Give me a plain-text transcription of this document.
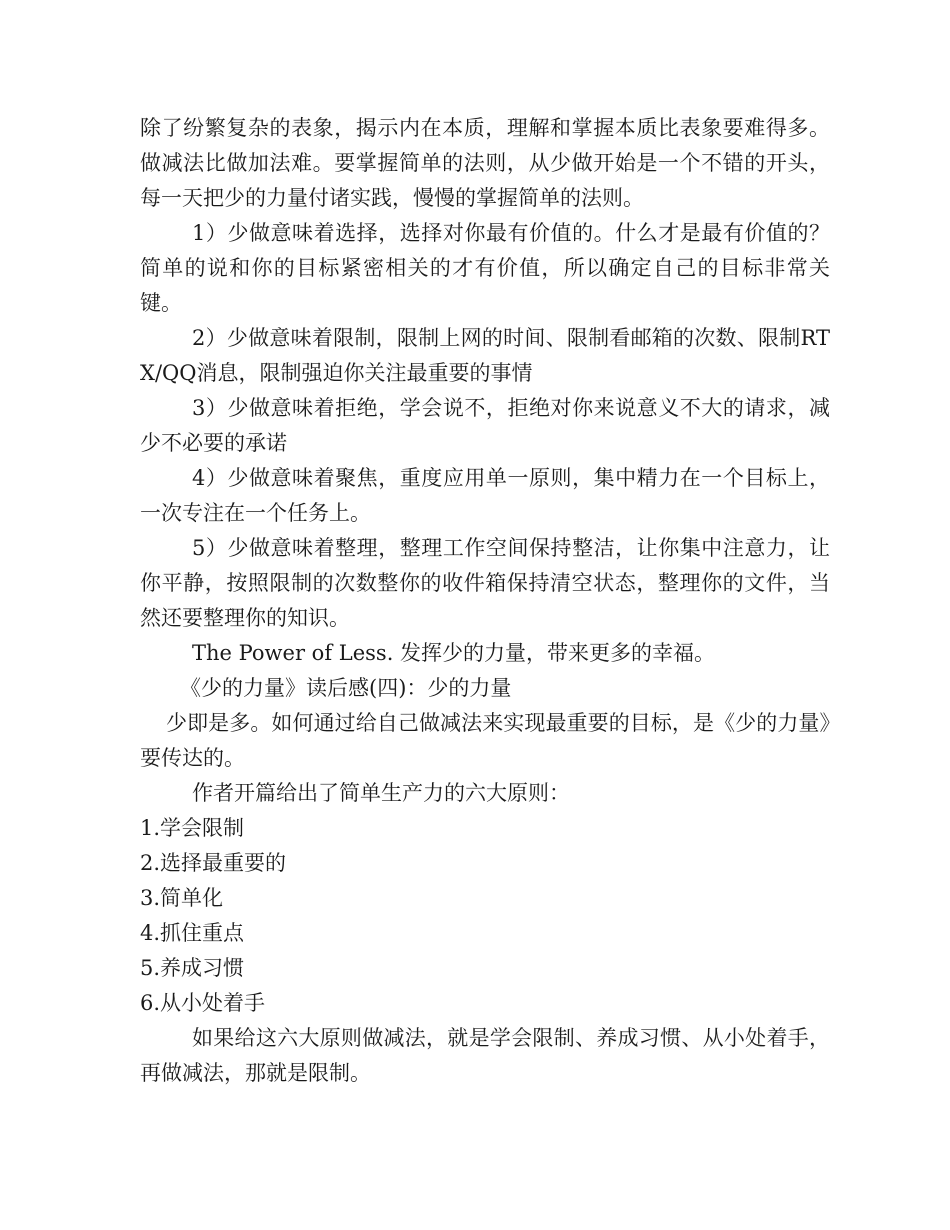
除了纷繁复杂的表象，揭示内在本质，理解和掌握本质比表象要难得多。做减法比做加法难。要掌握简单的法则，从少做开始是一个不错的开头，每一天把少的力量付诸实践，慢慢的掌握简单的法则。

1）少做意味着选择，选择对你最有价值的。什么才是最有价值的？简单的说和你的目标紧密相关的才有价值，所以确定自己的目标非常关键。

2）少做意味着限制，限制上网的时间、限制看邮箱的次数、限制RTX/QQ消息，限制强迫你关注最重要的事情

3）少做意味着拒绝，学会说不，拒绝对你来说意义不大的请求，减少不必要的承诺

4）少做意味着聚焦，重度应用单一原则，集中精力在一个目标上，一次专注在一个任务上。

5）少做意味着整理，整理工作空间保持整洁，让你集中注意力，让你平静，按照限制的次数整你的收件箱保持清空状态，整理你的文件，当然还要整理你的知识。

The Power of Less. 发挥少的力量，带来更多的幸福。

《少的力量》读后感(四)：少的力量

少即是多。如何通过给自己做减法来实现最重要的目标，是《少的力量》要传达的。

作者开篇给出了简单生产力的六大原则：

1.学会限制

2.选择最重要的

3.简单化

4.抓住重点

5.养成习惯

6.从小处着手

如果给这六大原则做减法，就是学会限制、养成习惯、从小处着手，再做减法，那就是限制。
